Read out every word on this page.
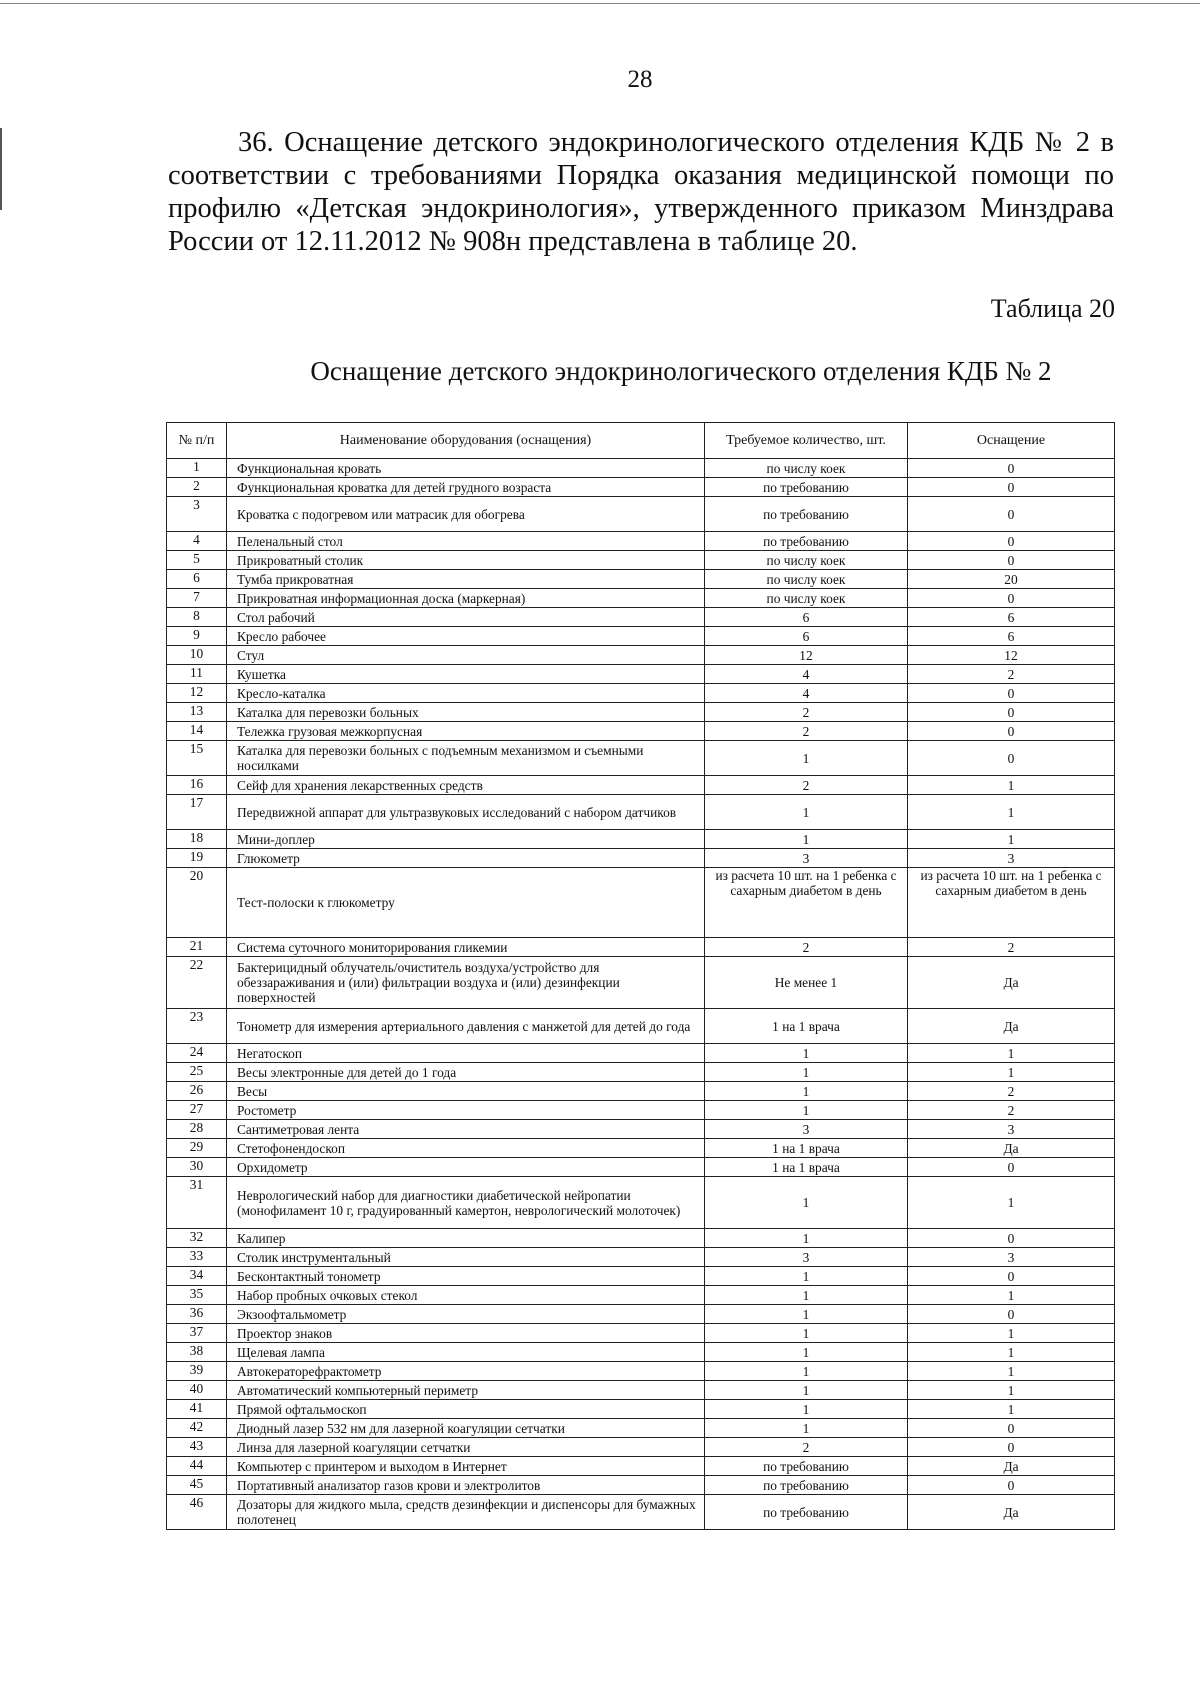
28

36. Оснащение детского эндокринологического отделения КДБ № 2 в соответствии с требованиями Порядка оказания медицинской помощи по профилю «Детская эндокринология», утвержденного приказом Минздрава России от 12.11.2012 № 908н представлена в таблице 20.

Таблица 20
Оснащение детского эндокринологического отделения КДБ № 2
№ п/п	Наименование оборудования (оснащения)	Требуемое количество, шт.	Оснащение
1	Функциональная кровать	по числу коек	0
2	Функциональная кроватка для детей грудного возраста	по требованию	0
3	Кроватка с подогревом или матрасик для обогрева	по требованию	0
4	Пеленальный стол	по требованию	0
5	Прикроватный столик	по числу коек	0
6	Тумба прикроватная	по числу коек	20
7	Прикроватная информационная доска (маркерная)	по числу коек	0
8	Стол рабочий	6	6
9	Кресло рабочее	6	6
10	Стул	12	12
11	Кушетка	4	2
12	Кресло-каталка	4	0
13	Каталка для перевозки больных	2	0
14	Тележка грузовая межкорпусная	2	0
15	Каталка для перевозки больных с подъемным механизмом и съемными носилками	1	0
16	Сейф для хранения лекарственных средств	2	1
17	Передвижной аппарат для ультразвуковых исследований с набором датчиков	1	1
18	Мини-доплер	1	1
19	Глюкометр	3	3
20	Тест-полоски к глюкометру	из расчета 10 шт. на 1 ребенка с сахарным диабетом в день	из расчета 10 шт. на 1 ребенка с сахарным диабетом в день
21	Система суточного мониторирования гликемии	2	2
22	Бактерицидный облучатель/очиститель воздуха/устройство для обеззараживания и (или) фильтрации воздуха и (или) дезинфекции поверхностей	Не менее 1	Да
23	Тонометр для измерения артериального давления с манжетой для детей до года	1 на 1 врача	Да
24	Негатоскоп	1	1
25	Весы электронные для детей до 1 года	1	1
26	Весы	1	2
27	Ростометр	1	2
28	Сантиметровая лента	3	3
29	Стетофонендоскоп	1 на 1 врача	Да
30	Орхидометр	1 на 1 врача	0
31	Неврологический набор для диагностики диабетической нейропатии (монофиламент 10 г, градуированный камертон, неврологический молоточек)	1	1
32	Калипер	1	0
33	Столик инструментальный	3	3
34	Бесконтактный тонометр	1	0
35	Набор пробных очковых стекол	1	1
36	Экзоофтальмометр	1	0
37	Проектор знаков	1	1
38	Щелевая лампа	1	1
39	Автокераторефрактометр	1	1
40	Автоматический компьютерный периметр	1	1
41	Прямой офтальмоскоп	1	1
42	Диодный лазер 532 нм для лазерной коагуляции сетчатки	1	0
43	Линза для лазерной коагуляции сетчатки	2	0
44	Компьютер с принтером и выходом в Интернет	по требованию	Да
45	Портативный анализатор газов крови и электролитов	по требованию	0
46	Дозаторы для жидкого мыла, средств дезинфекции и диспенсоры для бумажных полотенец	по требованию	Да
